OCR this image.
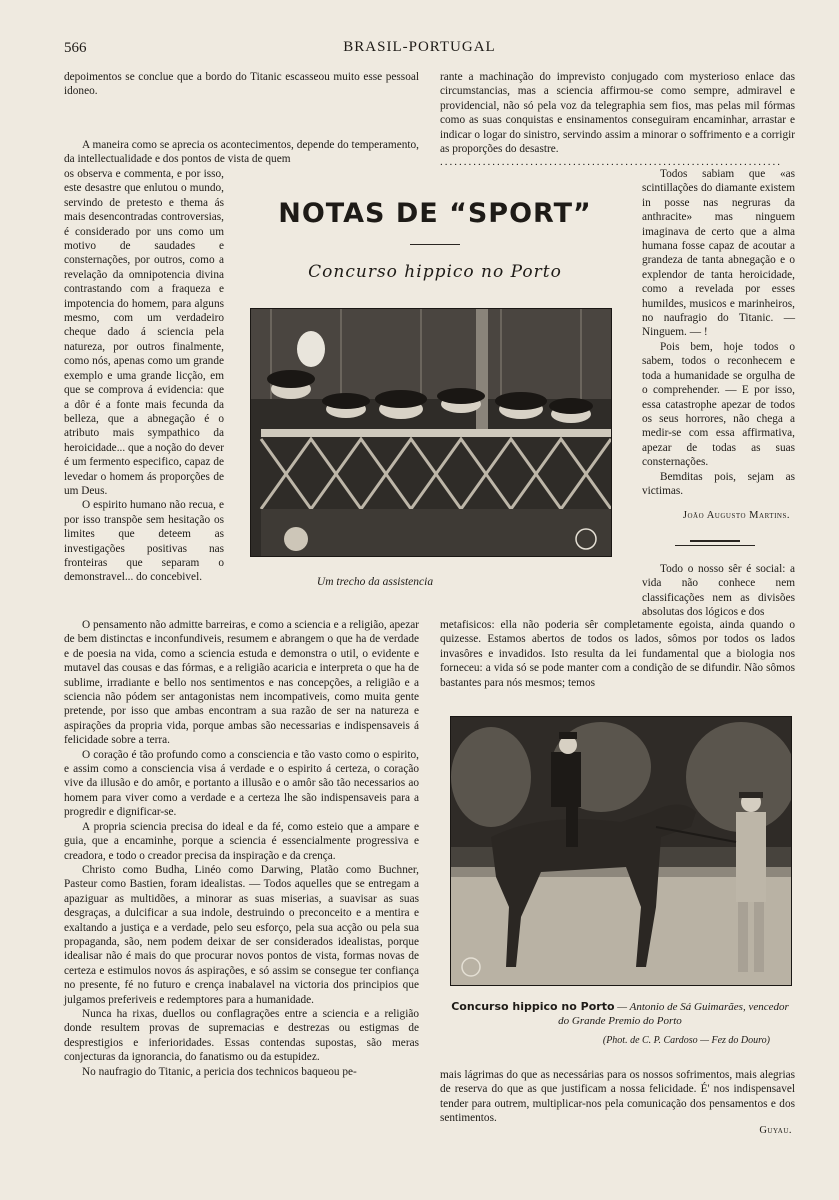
566	BRASIL-PORTUGAL

depoimentos se conclue que a bordo do Titanic escasseou muito esse pessoal idoneo.

A maneira como se apreciа os acontecimentos, depende do temperamento, da intellectualidade e dos pontos de vista de quem

os observa e commenta, e por isso, este desastre que enlutou o mundo, servindo de pretesto e thema ás mais desencontradas controversias, é considerado por uns como um motivo de saudades e consternações, por outros, como a revelação da omnipotencia divina contrastando com a fraqueza e impotencia do homem, para alguns mesmo, com um verdadeiro cheque dado á sciencia pela natureza, por outros finalmente, como nós, apenas como um grande exemplo e uma grande licção, em que se comprova á evidencia: que a dôr é a fonte mais fecunda da belleza, que a abnegação é o atributo mais sympathico da heroicidade... que a noção do dever é um fermento especifico, capaz de levedar o homem ás proporções de um Deus.

O espirito humano não recua, e por isso transpõe sem hesitação os limites que deteem as investigações positivas nas fronteiras que separam o demonstravel... do concebivel.

NOTAS DE “SPORT”
Concurso hippico no Porto
Um trecho da assistencia

rante a machinação do imprevisto conjugado com mysterioso enlace das circumstancias, mas a sciencia affirmou-se como sempre, admiravel e providencial, não só pela voz da telegraphia sem fios, mas pelas mil fórmas como as suas conquistas e ensinamentos conseguiram encaminhar, arrastar e indicar o logar do sinistro, servindo assim a minorar o soffrimento e a corrigir as proporções do desastre.

........................................................................

Todos sabiam que «as scintillações do diamante existem in posse nas negruras da anthracite» mas ninguem imaginava de certo que a alma humana fosse capaz de acoutar a grandeza de tanta abnegação e o explendor de tanta heroicidade, como a revelada por esses humildes, musicos e marinheiros, no naufragio do Titanic. — Ninguem. — !

Pois bem, hoje todos o sabem, todos o reconhecem e toda a humanidade se orgulha de o comprehender. — E por isso, essa catastrophe apezar de todos os seus horrores, não chega a medir-se com essa affirmativa, apezar de todas as suas consternações.

Bemditas pois, sejam as victimas.

João Augusto Martins.

Todo o nosso sêr é social: a vida não conhece nem classificações nem as divisões absolutas dos lógicos e dos

O pensamento não admitte barreiras, e como a sciencia e a religião, apezar de bem distinctas e inconfundiveis, resumem e abrangem o que ha de verdade e de poesia na vida, como a sciencia estuda e demonstra o util, o evidente e mutavel das cousas e das fórmas, e a religião acaricia e interpreta o que ha de sublime, irradiante e bello nos sentimentos e nas concepções, a religião e a sciencia não pódem ser antagonistas nem incompativeis, como muita gente pretende, por isso que ambas encontram a sua razão de ser na natureza e aspirações da propria vida, porque ambas são necessarias e indispensaveis á felicidade sobre a terra.

O coração é tão profundo como a consciencia e tão vasto como o espirito, e assim como a consciencia visa á verdade e o espirito á certeza, o coração vive da illusão e do amôr, e portanto a illusão e o amôr são tão necessarios ao homem para viver como a verdade e a certeza lhe são indispensaveis para a progredir e dignificar-se.

A propria sciencia precisa do ideal e da fé, como esteio que a ampare e guia, que a encaminhe, porque a sciencia é essencialmente progressiva e creadora, e todo o creador precisa da inspiração e da crença.

Christo como Budha, Linéo como Darwing, Platão como Buchner, Pasteur como Bastien, foram idealistas. — Todos aquelles que se entregam a apaziguar as multidões, a minorar as suas miserias, a suavisar as suas desgraças, a dulcificar a sua indole, destruindo o preconceito e a mentira e exaltando a justiça e a verdade, pelo seu esforço, pela sua acção ou pela sua propaganda, são, nem podem deixar de ser considerados idealistas, porque idealisar não é mais do que procurar novos pontos de vista, formas novas de certeza e estimulos novos ás aspirações, e só assim se consegue ter confiança no presente, fé no futuro e crença inabalavel na victoria dos principios que julgamos preferiveis e redemptores para a humanidade.

Nunca ha rixas, duellos ou conflagrações entre a sciencia e a religião donde resultem provas de supremacias e destrezas ou estigmas de desprestigios e inferioridades. Essas contendas supostas, são meras conjecturas da ignorancia, do fanatismo ou da estupidez.

No naufragio do Titanic, a pericia dos technicos baqueou pe-

metafisicos: ella não poderia sêr completamente egoista, ainda quando o quizesse. Estamos abertos de todos os lados, sômos por todos os lados invasôres e invadidos. Isto resulta da lei fundamental que a biologia nos forneceu: a vida só se pode manter com a condição de se difundir. Não sômos bastantes para nós mesmos; temos

Concurso hippico no Porto — Antonio de Sá Guimarães, vencedor do Grande Premio do Porto
(Phot. de C. P. Cardoso — Fez do Douro)

mais lágrimas do que as necessárias para os nossos sofrimentos, mais alegrias de reserva do que as que justificam a nossa felicidade. É' nos indispensavel tender para outrem, multiplicar-nos pela comunicação dos pensamentos e dos sentimentos.

Guyau.
